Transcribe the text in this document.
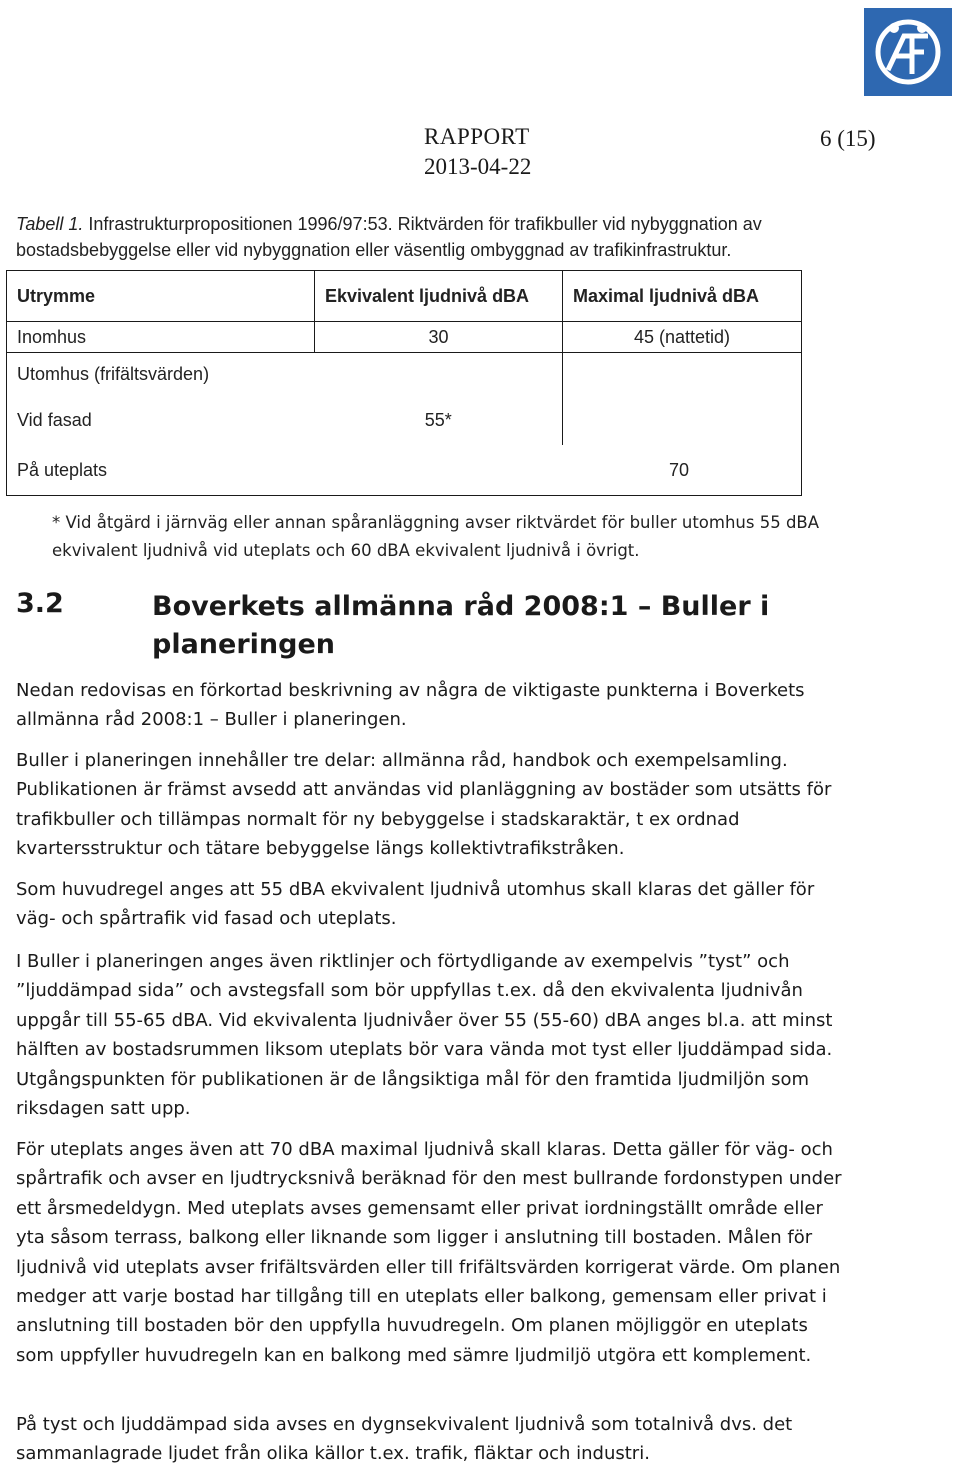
RAPPORT
2013-04-22
6 (15)
Tabell 1. Infrastrukturpropositionen 1996/97:53. Riktvärden för trafikbuller vid nybyggnation av bostadsbebyggelse eller vid nybyggnation eller väsentlig ombyggnad av trafikinfrastruktur.
Utrymme	Ekvivalent ljudnivå dBA	Maximal ljudnivå dBA
Inomhus	30	45 (nattetid)
Utomhus (frifältsvärden)		
Vid fasad	55*	
På uteplats		70
* Vid åtgärd i järnväg eller annan spåranläggning avser riktvärdet för buller utomhus 55 dBA ekvivalent ljudnivå vid uteplats och 60 dBA ekvivalent ljudnivå i övrigt.
3.2	Boverkets allmänna råd 2008:1 – Buller i planeringen

Nedan redovisas en förkortad beskrivning av några de viktigaste punkterna i Boverkets allmänna råd 2008:1 – Buller i planeringen.

Buller i planeringen innehåller tre delar: allmänna råd, handbok och exempelsamling. Publikationen är främst avsedd att användas vid planläggning av bostäder som utsätts för trafikbuller och tillämpas normalt för ny bebyggelse i stadskaraktär, t ex ordnad kvartersstruktur och tätare bebyggelse längs kollektivtrafikstråken.

Som huvudregel anges att 55 dBA ekvivalent ljudnivå utomhus skall klaras det gäller för väg- och spårtrafik vid fasad och uteplats.

I Buller i planeringen anges även riktlinjer och förtydligande av exempelvis ”tyst” och ”ljuddämpad sida” och avstegsfall som bör uppfyllas t.ex. då den ekvivalenta ljudnivån uppgår till 55-65 dBA. Vid ekvivalenta ljudnivåer över 55 (55-60) dBA anges bl.a. att minst hälften av bostadsrummen liksom uteplats bör vara vända mot tyst eller ljuddämpad sida. Utgångspunkten för publikationen är de långsiktiga mål för den framtida ljudmiljön som riksdagen satt upp.

För uteplats anges även att 70 dBA maximal ljudnivå skall klaras. Detta gäller för väg- och spårtrafik och avser en ljudtrycksnivå beräknad för den mest bullrande fordonstypen under ett årsmedeldygn. Med uteplats avses gemensamt eller privat iordningställt område eller yta såsom terrass, balkong eller liknande som ligger i anslutning till bostaden. Målen för ljudnivå vid uteplats avser frifältsvärden eller till frifältsvärden korrigerat värde. Om planen medger att varje bostad har tillgång till en uteplats eller balkong, gemensam eller privat i anslutning till bostaden bör den uppfylla huvudregeln. Om planen möjliggör en uteplats som uppfyller huvudregeln kan en balkong med sämre ljudmiljö utgöra ett komplement.

På tyst och ljuddämpad sida avses en dygnsekvivalent ljudnivå som totalnivå dvs. det sammanlagrade ljudet från olika källor t.ex. trafik, fläktar och industri.
